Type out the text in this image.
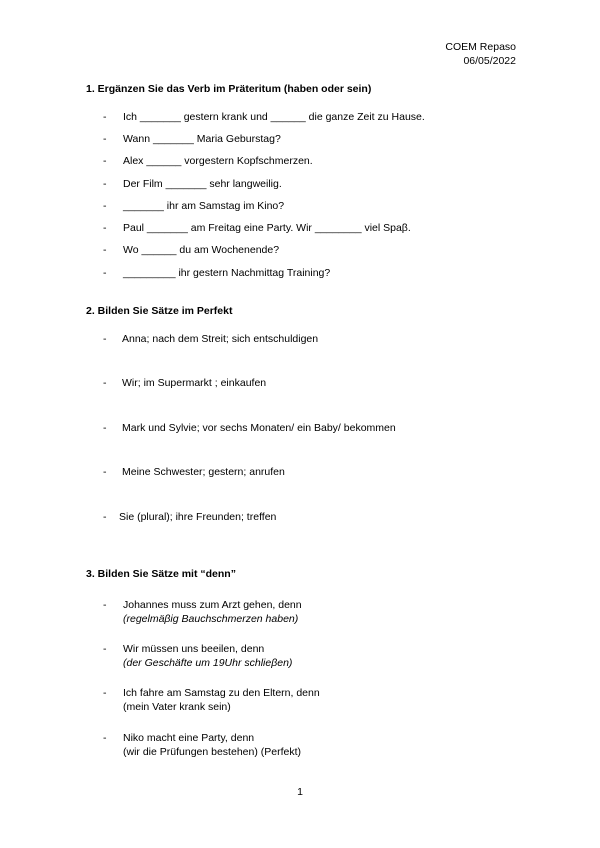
COEM Repaso
06/05/2022
1. Ergänzen Sie das Verb im Präteritum (haben oder sein)
- Ich _______ gestern krank und ______ die ganze Zeit zu Hause.
- Wann _______ Maria Geburstag?
- Alex ______ vorgestern Kopfschmerzen.
- Der Film _______ sehr langweilig.
- _______ ihr am Samstag im Kino?
- Paul _______ am Freitag eine Party. Wir ________ viel Spaβ.
- Wo ______ du am Wochenende?
- _________ ihr gestern Nachmittag Training?
2. Bilden Sie Sätze im Perfekt
- Anna; nach dem Streit; sich entschuldigen
- Wir; im Supermarkt ; einkaufen
- Mark und Sylvie; vor sechs Monaten/ ein Baby/ bekommen
- Meine Schwester; gestern; anrufen
- Sie (plural); ihre Freunden; treffen
3. Bilden Sie Sätze mit “denn”
- Johannes muss zum Arzt gehen, denn
(regelmäβig Bauchschmerzen haben)
- Wir müssen uns beeilen, denn
(der Geschäfte um 19Uhr schlieβen)
- Ich fahre am Samstag zu den Eltern, denn
(mein Vater krank sein)
- Niko macht eine Party, denn
(wir die Prüfungen bestehen) (Perfekt)
1
